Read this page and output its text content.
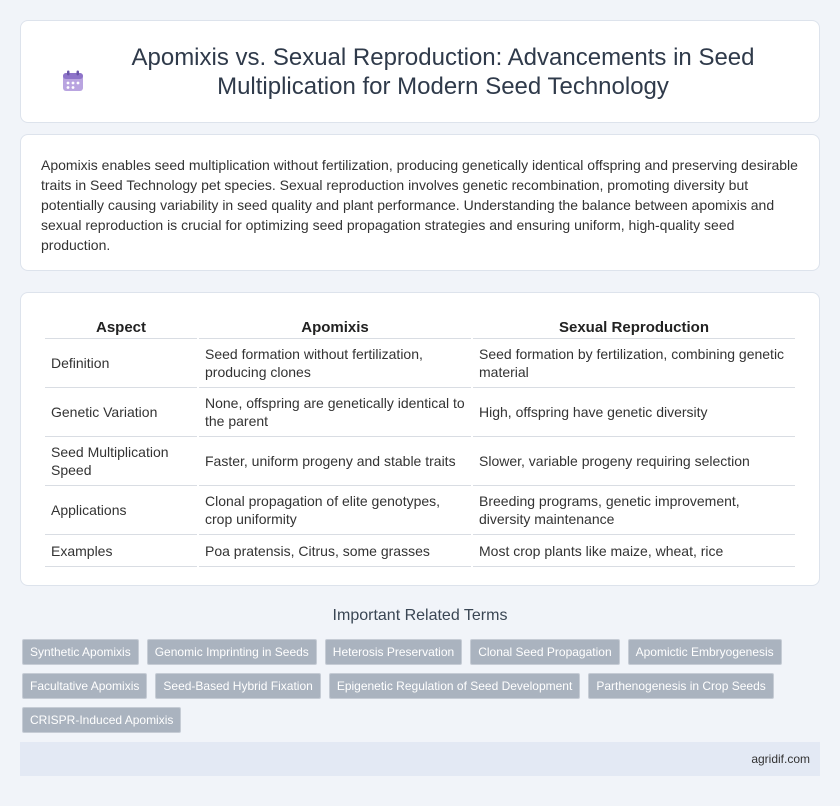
Apomixis vs. Sexual Reproduction: Advancements in Seed Multiplication for Modern Seed Technology

Apomixis enables seed multiplication without fertilization, producing genetically identical offspring and preserving desirable traits in Seed Technology pet species. Sexual reproduction involves genetic recombination, promoting diversity but potentially causing variability in seed quality and plant performance. Understanding the balance between apomixis and sexual reproduction is crucial for optimizing seed propagation strategies and ensuring uniform, high-quality seed production.

Aspect	Apomixis	Sexual Reproduction
Definition	Seed formation without fertilization, producing clones	Seed formation by fertilization, combining genetic material
Genetic Variation	None, offspring are genetically identical to the parent	High, offspring have genetic diversity
Seed Multiplication Speed	Faster, uniform progeny and stable traits	Slower, variable progeny requiring selection
Applications	Clonal propagation of elite genotypes, crop uniformity	Breeding programs, genetic improvement, diversity maintenance
Examples	Poa pratensis, Citrus, some grasses	Most crop plants like maize, wheat, rice
Important Related Terms
Synthetic Apomixis	Genomic Imprinting in Seeds	Heterosis Preservation	Clonal Seed Propagation	Apomictic Embryogenesis
Facultative Apomixis	Seed-Based Hybrid Fixation	Epigenetic Regulation of Seed Development	Parthenogenesis in Crop Seeds
CRISPR-Induced Apomixis
agridif.com
